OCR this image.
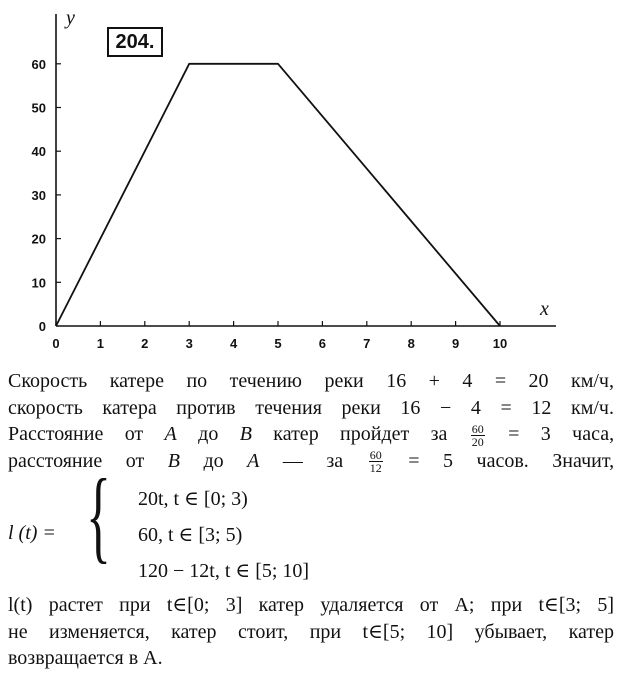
0	1	2	3	4	5	6	7	8	9	10
0
10
20
30
40
50
60
x
y
204.
Скорость катере по течению реки 16 + 4 = 20 км/ч,
скорость катера против течения реки 16 − 4 = 12 км/ч.
Расстояние от A до B катер пройдет за $\frac{60}{20} = 3$ часа,
расстояние от B до A — за $\frac{60}{12} = 5$ часов. Значит,
l (t) = { 20t, t ∈ [0; 3)
60, t ∈ [3; 5)
120 − 12t, t ∈ [5; 10]
l(t) растет при t∈[0; 3] катер удаляется от A; при t∈[3; 5]
не изменяется, катер стоит, при t∈[5; 10] убывает, катер
возвращается в A.
